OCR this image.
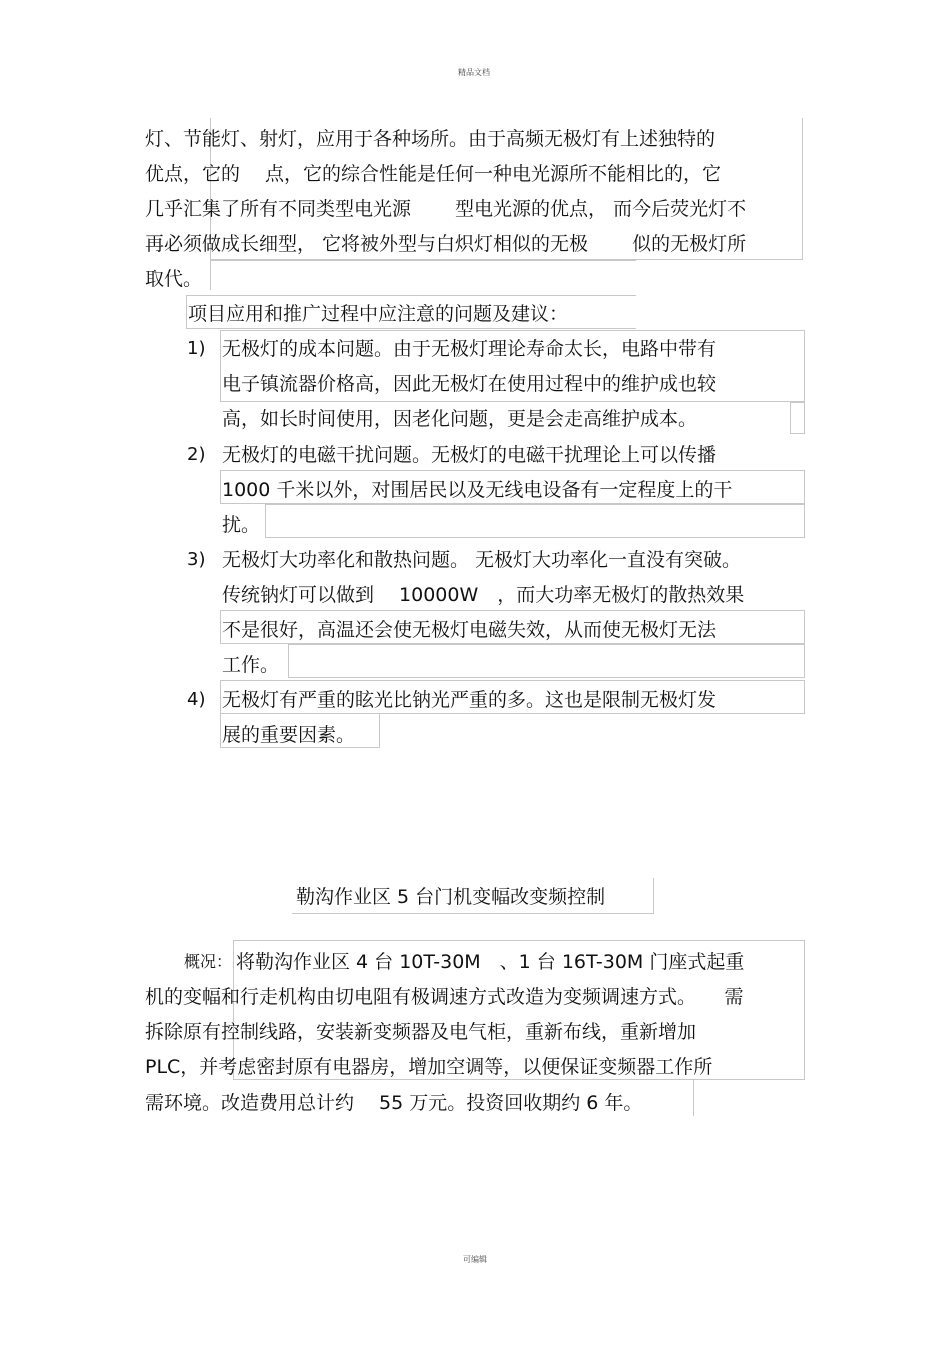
精品文档
灯、节能灯、射灯，应用于各种场所。由于高频无极灯有上述独特的
优点，它的　 点，它的综合性能是任何一种电光源所不能相比的，它
几乎汇集了所有不同类型电光源　　 型电光源的优点， 而今后荧光灯不
再必须做成长细型， 它将被外型与白炽灯相似的无极　　 似的无极灯所
取代。
项目应用和推广过程中应注意的问题及建议：
1) 无极灯的成本问题。由于无极灯理论寿命太长，电路中带有
电子镇流器价格高，因此无极灯在使用过程中的维护成也较
高，如长时间使用，因老化问题，更是会走高维护成本。
2) 无极灯的电磁干扰问题。无极灯的电磁干扰理论上可以传播
1000 千米以外，对围居民以及无线电设备有一定程度上的干
扰。
3) 无极灯大功率化和散热问题。 无极灯大功率化一直没有突破。
传统钠灯可以做到　 10000W　，而大功率无极灯的散热效果
不是很好，高温还会使无极灯电磁失效，从而使无极灯无法
工作。
4) 无极灯有严重的眩光比钠光严重的多。这也是限制无极灯发
展的重要因素。
勒沟作业区 5 台门机变幅改变频控制
概况： 将勒沟作业区 4 台 10T-30M　、1 台 16T-30M 门座式起重
机的变幅和行走机构由切电阻有极调速方式改造为变频调速方式。　　需
拆除原有控制线路，安装新变频器及电气柜，重新布线，重新增加
PLC，并考虑密封原有电器房，增加空调等，以便保证变频器工作所
需环境。改造费用总计约　 55 万元。投资回收期约 6 年。
可编辑
